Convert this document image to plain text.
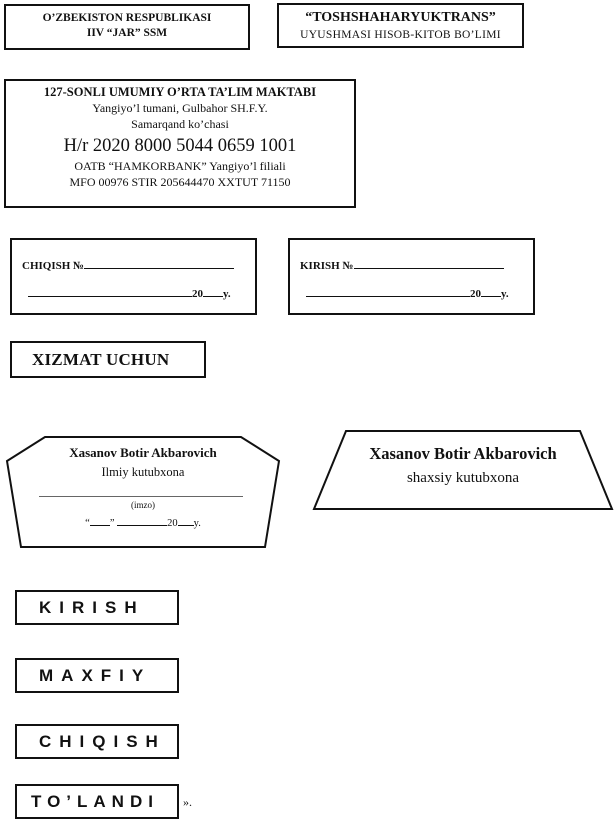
O’ZBEKISTON RESPUBLIKASI
IIV “JAR” SSM
“TOSHSHAHARYUKTRANS”
UYUSHMASI HISOB-KITOB BO’LIMI
127-SONLI UMUMIY O’RTA TA’LIM MAKTABI
Yangiyo’l tumani, Gulbahor SH.F.Y.
Samarqand ko’chasi
H/r 2020 8000 5044 0659 1001
OATB “HAMKORBANK” Yangiyo’l filiali
MFO 00976 STIR 205644470 XXTUT 71150
CHIQISH №
20 y.
KIRISH №
20 y.
XIZMAT UCHUN
Xasanov Botir Akbarovich
Ilmiy kutubxona
(imzo)
“ ”	20 y.
Xasanov Botir Akbarovich
shaxsiy kutubxona
KIRISH
MAXFIY
CHIQISH
TO’LANDI	».
